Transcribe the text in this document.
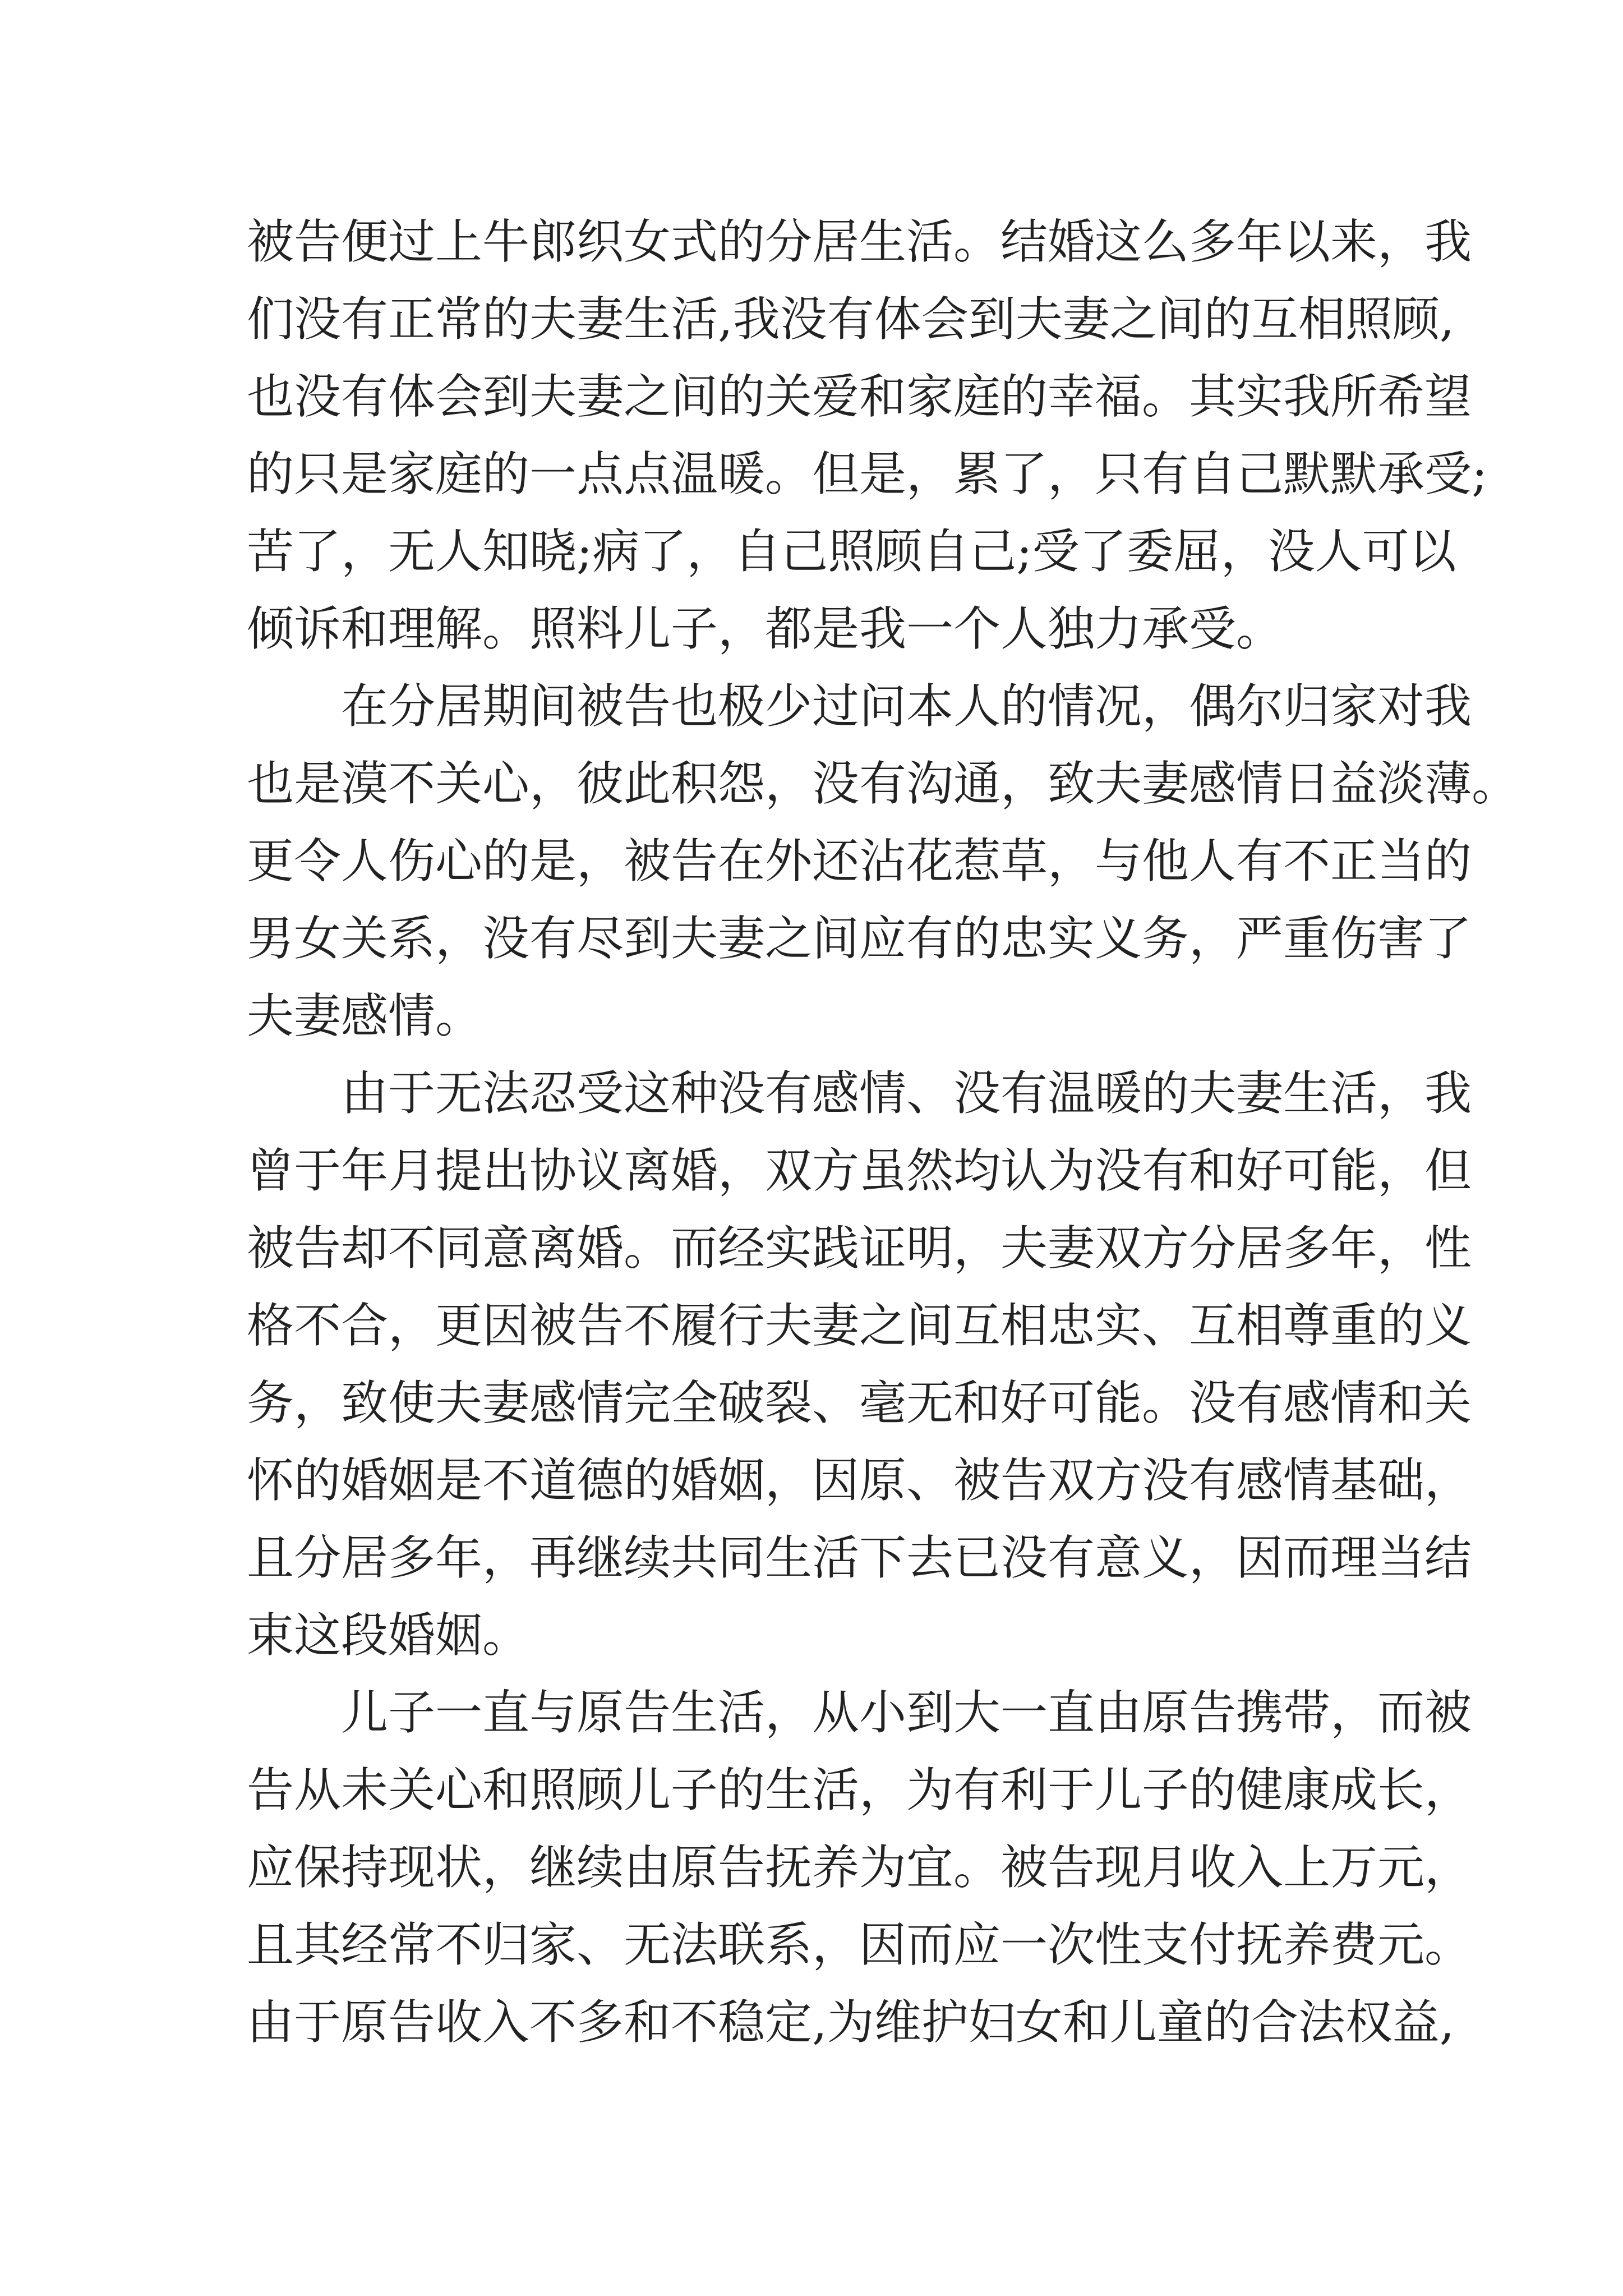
被告便过上牛郎织女式的分居生活。结婚这么多年以来，我
们没有正常的夫妻生活,我没有体会到夫妻之间的互相照顾,
也没有体会到夫妻之间的关爱和家庭的幸福。其实我所希望
的只是家庭的一点点温暖。但是，累了，只有自己默默承受;
苦了，无人知晓;病了，自己照顾自己;受了委屈，没人可以
倾诉和理解。照料儿子，都是我一个人独力承受。
在分居期间被告也极少过问本人的情况，偶尔归家对我
也是漠不关心，彼此积怨，没有沟通，致夫妻感情日益淡薄。
更令人伤心的是，被告在外还沾花惹草，与他人有不正当的
男女关系，没有尽到夫妻之间应有的忠实义务，严重伤害了
夫妻感情。
由于无法忍受这种没有感情、没有温暖的夫妻生活，我
曾于年月提出协议离婚，双方虽然均认为没有和好可能，但
被告却不同意离婚。而经实践证明，夫妻双方分居多年，性
格不合，更因被告不履行夫妻之间互相忠实、互相尊重的义
务，致使夫妻感情完全破裂、毫无和好可能。没有感情和关
怀的婚姻是不道德的婚姻，因原、被告双方没有感情基础，
且分居多年，再继续共同生活下去已没有意义，因而理当结
束这段婚姻。
儿子一直与原告生活，从小到大一直由原告携带，而被
告从未关心和照顾儿子的生活，为有利于儿子的健康成长，
应保持现状，继续由原告抚养为宜。被告现月收入上万元，
且其经常不归家、无法联系，因而应一次性支付抚养费元。
由于原告收入不多和不稳定,为维护妇女和儿童的合法权益,
